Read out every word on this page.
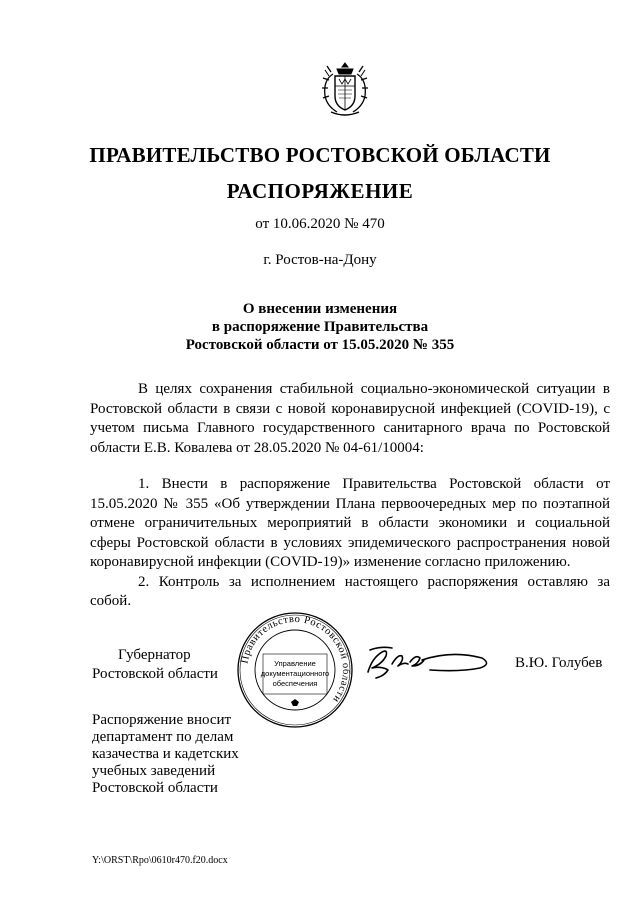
ПРАВИТЕЛЬСТВО РОСТОВСКОЙ ОБЛАСТИ
РАСПОРЯЖЕНИЕ
от 10.06.2020 № 470
г. Ростов-на-Дону
О внесении изменения
в распоряжение Правительства
Ростовской области от 15.05.2020 № 355

В целях сохранения стабильной социально-экономической ситуации в Ростовской области в связи с новой коронавирусной инфекцией (COVID-19), с учетом письма Главного государственного санитарного врача по Ростовской области Е.В. Ковалева от 28.05.2020 № 04-61/10004:

1. Внести в распоряжение Правительства Ростовской области от 15.05.2020 № 355 «Об утверждении Плана первоочередных мер по поэтапной отмене ограничительных мероприятий в области экономики и социальной сферы Ростовской области в условиях эпидемического распространения новой коронавирусной инфекции (COVID-19)» изменение согласно приложению.

2. Контроль за исполнением настоящего распоряжения оставляю за собой.

Губернатор
Ростовской области
Правительство Ростовской области
Управление
документационного
обеспечения
В.Ю. Голубев
Распоряжение вносит
департамент по делам
казачества и кадетских
учебных заведений
Ростовской области
Y:\ORST\Rpo\0610r470.f20.docx
